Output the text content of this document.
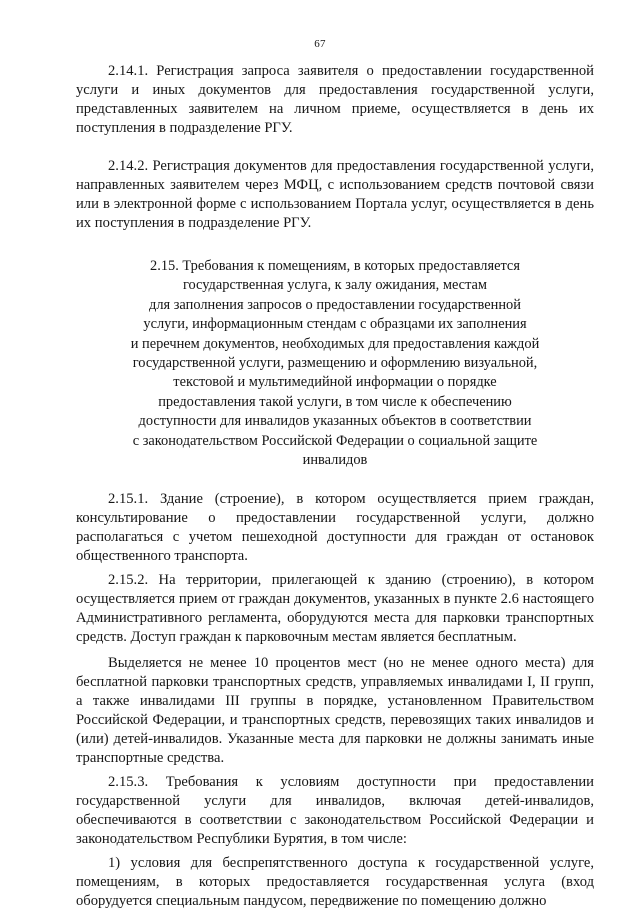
67

2.14.1. Регистрация запроса заявителя о предоставлении государственной услуги и иных документов для предоставления государственной услуги, представленных заявителем на личном приеме, осуществляется в день их поступления в подразделение РГУ.

2.14.2. Регистрация документов для предоставления государственной услуги, направленных заявителем через МФЦ, с использованием средств почтовой связи или в электронной форме с использованием Портала услуг, осуществляется в день их поступления в подразделение РГУ.

2.15. Требования к помещениям, в которых предоставляется
государственная услуга, к залу ожидания, местам
для заполнения запросов о предоставлении государственной
услуги, информационным стендам с образцами их заполнения
и перечнем документов, необходимых для предоставления каждой
государственной услуги, размещению и оформлению визуальной,
текстовой и мультимедийной информации о порядке
предоставления такой услуги, в том числе к обеспечению
доступности для инвалидов указанных объектов в соответствии
с законодательством Российской Федерации о социальной защите
инвалидов

2.15.1. Здание (строение), в котором осуществляется прием граждан, консультирование о предоставлении государственной услуги, должно располагаться с учетом пешеходной доступности для граждан от остановок общественного транспорта.

2.15.2. На территории, прилегающей к зданию (строению), в котором осуществляется прием от граждан документов, указанных в пункте 2.6 настоящего Административного регламента, оборудуются места для парковки транспортных средств. Доступ граждан к парковочным местам является бесплатным.

Выделяется не менее 10 процентов мест (но не менее одного места) для бесплатной парковки транспортных средств, управляемых инвалидами I, II групп, а также инвалидами III группы в порядке, установленном Правительством Российской Федерации, и транспортных средств, перевозящих таких инвалидов и (или) детей-инвалидов. Указанные места для парковки не должны занимать иные транспортные средства.

2.15.3. Требования к условиям доступности при предоставлении государственной услуги для инвалидов, включая детей-инвалидов, обеспечиваются в соответствии с законодательством Российской Федерации и законодательством Республики Бурятия, в том числе:

1) условия для беспрепятственного доступа к государственной услуге, помещениям, в которых предоставляется государственная услуга (вход оборудуется специальным пандусом, передвижение по помещению должно
